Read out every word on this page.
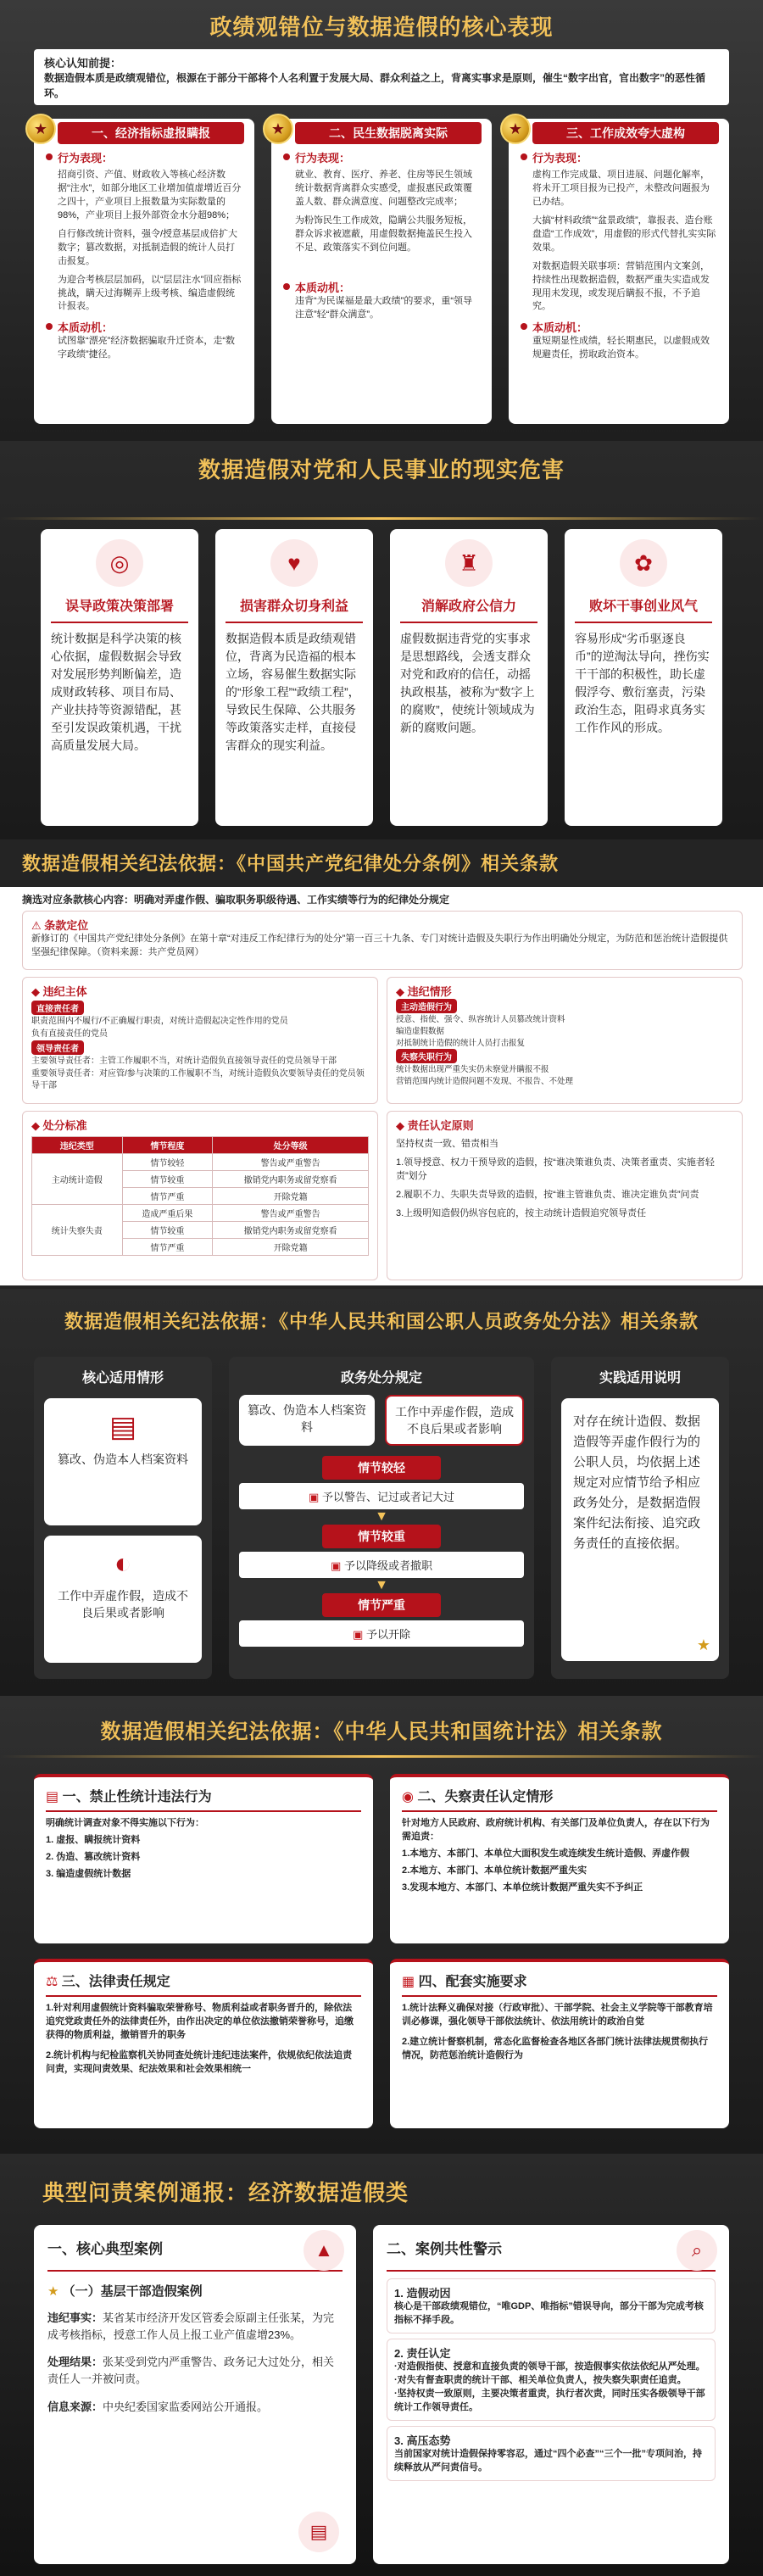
政绩观错位与数据造假的核心表现
核心认知前提：
数据造假本质是政绩观错位，根源在于部分干部将个人名利置于发展大局、群众利益之上，背离实事求是原则，催生“数字出官，官出数字”的恶性循环。
★	一、经济指标虚报瞒报
行为表现：

招商引资、产值、财政收入等核心经济数据“注水”，如部分地区工业增加值虚增近百分之四十，产业项目上报数量为实际数量的98%，产业项目上报外部资金水分超98%；

自行修改统计资料，强令/授意基层成倍扩大数字；篡改数据，对抵制造假的统计人员打击报复。

为迎合考核层层加码，以“层层注水”回应指标挑战，瞒天过海糊弄上级考核、编造虚假统计报表。

本质动机：

试图靠“漂亮”经济数据骗取升迁资本，走“数字政绩”捷径。

★	二、民生数据脱离实际
行为表现：

就业、教育、医疗、养老、住房等民生领域统计数据背离群众实感受，虚报惠民政策覆盖人数、群众满意度、问题整改完成率；

为粉饰民生工作成效，隐瞒公共服务短板，群众诉求被遮蔽，用虚假数据掩盖民生投入不足、政策落实不到位问题。

本质动机：

违背“为民谋福是最大政绩”的要求，重“领导注意”轻“群众满意”。

★	三、工作成效夸大虚构
行为表现：

虚构工作完成量、项目进展、问题化解率，将未开工项目报为已投产，未整改问题报为已办结。

大搞“材料政绩”“盆景政绩”，靠报表、造台账盘造“工作成效”，用虚假的形式代替扎实实际效果。

对数据造假关联事项：营销范围内文案剑，持续性出现数据造假，数据严重失实造成发现用未发现，或发现后瞒报不报，不予追究。

本质动机：

重短期显性成绩，轻长期惠民，以虚假成效规避责任，捞取政治资本。

数据造假对党和人民事业的现实危害
◎
误导政策决策部署

统计数据是科学决策的核心依据，虚假数据会导致对发展形势判断偏差，造成财政转移、项目布局、产业扶持等资源错配，甚至引发误政策机遇，干扰高质量发展大局。

♥
损害群众切身利益

数据造假本质是政绩观错位，背离为民造福的根本立场，容易催生数据实际的“形象工程”“政绩工程”，导致民生保障、公共服务等政策落实走样，直接侵害群众的现实利益。

♜
消解政府公信力

虚假数据违背党的实事求是思想路线，会透支群众对党和政府的信任，动摇执政根基，被称为“数字上的腐败”，使统计领域成为新的腐败问题。

✿
败坏干事创业风气

容易形成“劣币驱逐良币”的逆淘汰导向，挫伤实干干部的积极性，助长虚假浮夸、敷衍塞责，污染政治生态，阻碍求真务实工作作风的形成。

数据造假相关纪法依据：《中国共产党纪律处分条例》相关条款
摘选对应条款核心内容：明确对弄虚作假、骗取职务职级待遇、工作实绩等行为的纪律处分规定
⚠ 条款定位

新修订的《中国共产党纪律处分条例》在第十章“对违反工作纪律行为的处分”第一百三十九条、专门对统计造假及失职行为作出明确处分规定，为防范和惩治统计造假提供坚强纪律保障。（资料来源：共产党员网）

◆ 违纪主体
直接责任者

职责范围内不履行/不正确履行职责，对统计造假起决定性作用的党员

负有直接责任的党员

领导责任者

主要领导责任者：主管工作履职不当，对统计造假负直接领导责任的党员领导干部

重要领导责任者：对应管/参与决策的工作履职不当，对统计造假负次要领导责任的党员领导干部

◆ 违纪情形
主动造假行为

授意、指使、强令、纵容统计人员篡改统计资料

编造虚假数据

对抵制统计造假的统计人员打击报复

失察失职行为

统计数据出现严重失实仍未察觉并瞒报不报

营销范围内统计造假问题不发现、不报告、不处理

◆ 处分标准
违纪类型	情节程度	处分等级
主动统计造假	情节较轻	警告或严重警告
	情节较重	撤销党内职务或留党察看
	情节严重	开除党籍
统计失察失责	造成严重后果	警告或严重警告
	情节较重	撤销党内职务或留党察看
	情节严重	开除党籍
◆ 责任认定原则

坚持权责一致、错责相当

1.领导授意、权力干预导致的造假，按“谁决策谁负责、决策者重责、实施者轻责”划分

2.履职不力、失职失责导致的造假，按“谁主管谁负责、谁决定谁负责”问责

3.上级明知造假仍纵容包庇的，按主动统计造假追究领导责任

数据造假相关纪法依据：《中华人民共和国公职人员政务处分法》相关条款
核心适用情形
▤

篡改、伪造本人档案资料

◐

工作中弄虚作假，造成不良后果或者影响

政务处分规定
篡改、伪造本人档案资料
工作中弄虚作假，造成不良后果或者影响
情节较轻
▣ 予以警告、记过或者记大过
▼
情节较重
▣ 予以降级或者撤职
▼
情节严重
▣ 予以开除
实践适用说明

对存在统计造假、数据造假等弄虚作假行为的公职人员，均依据上述规定对应情节给予相应政务处分，是数据造假案件纪法衔接、追究政务责任的直接依据。

★
数据造假相关纪法依据：《中华人民共和国统计法》相关条款
▤ 一、禁止性统计违法行为

明确统计调查对象不得实施以下行为：

1. 虚报、瞒报统计资料

2. 伪造、篡改统计资料

3. 编造虚假统计数据

◉ 二、失察责任认定情形

针对地方人民政府、政府统计机构、有关部门及单位负责人，存在以下行为需追责：

1.本地方、本部门、本单位大面积发生或连续发生统计造假、弄虚作假

2.本地方、本部门、本单位统计数据严重失实

3.发现本地方、本部门、本单位统计数据严重失实不予纠正

⚖ 三、法律责任规定

1.针对利用虚假统计资料骗取荣誉称号、物质利益或者职务晋升的，除依法追究党政责任外的法律责任外，由作出决定的单位依法撤销荣誉称号，追缴获得的物质利益，撤销晋升的职务

2.统计机构与纪检监察机关协同查处统计违纪违法案件，依规依纪依法追责问责，实现问责效果、纪法效果和社会效果相统一

▦ 四、配套实施要求

1.统计法释义确保对接（行政审批）、干部学院、社会主义学院等干部教育培训必修课，强化领导干部依法统计、依法用统计的政治自觉

2.建立统计督察机制，常态化监督检查各地区各部门统计法律法规贯彻执行情况，防范惩治统计造假行为

典型问责案例通报：经济数据造假类
一、核心典型案例	▲
★ （一）基层干部造假案例

违纪事实：某省某市经济开发区管委会原副主任张某，为完成考核指标，授意工作人员上报工业产值虚增23%。

处理结果：张某受到党内严重警告、政务记大过处分，相关责任人一并被问责。

信息来源：中央纪委国家监委网站公开通报。

▤
二、案例共性警示	⌕
1. 造假动因

核心是干部政绩观错位，“唯GDP、唯指标”错误导向，部分干部为完成考核指标不择手段。

2. 责任认定

·对造假指使、授意和直接负责的领导干部，按造假事实依法依纪从严处理。
·对失有督查职责的统计干部、相关单位负责人，按失察失职责任追责。
·坚持权责一致原则，主要决策者重责，执行者次责，同时压实各级领导干部统计工作领导责任。

3. 高压态势

当前国家对统计造假保持零容忍，通过“四个必查”“三个一批”专项问治，持续释放从严问责信号。
